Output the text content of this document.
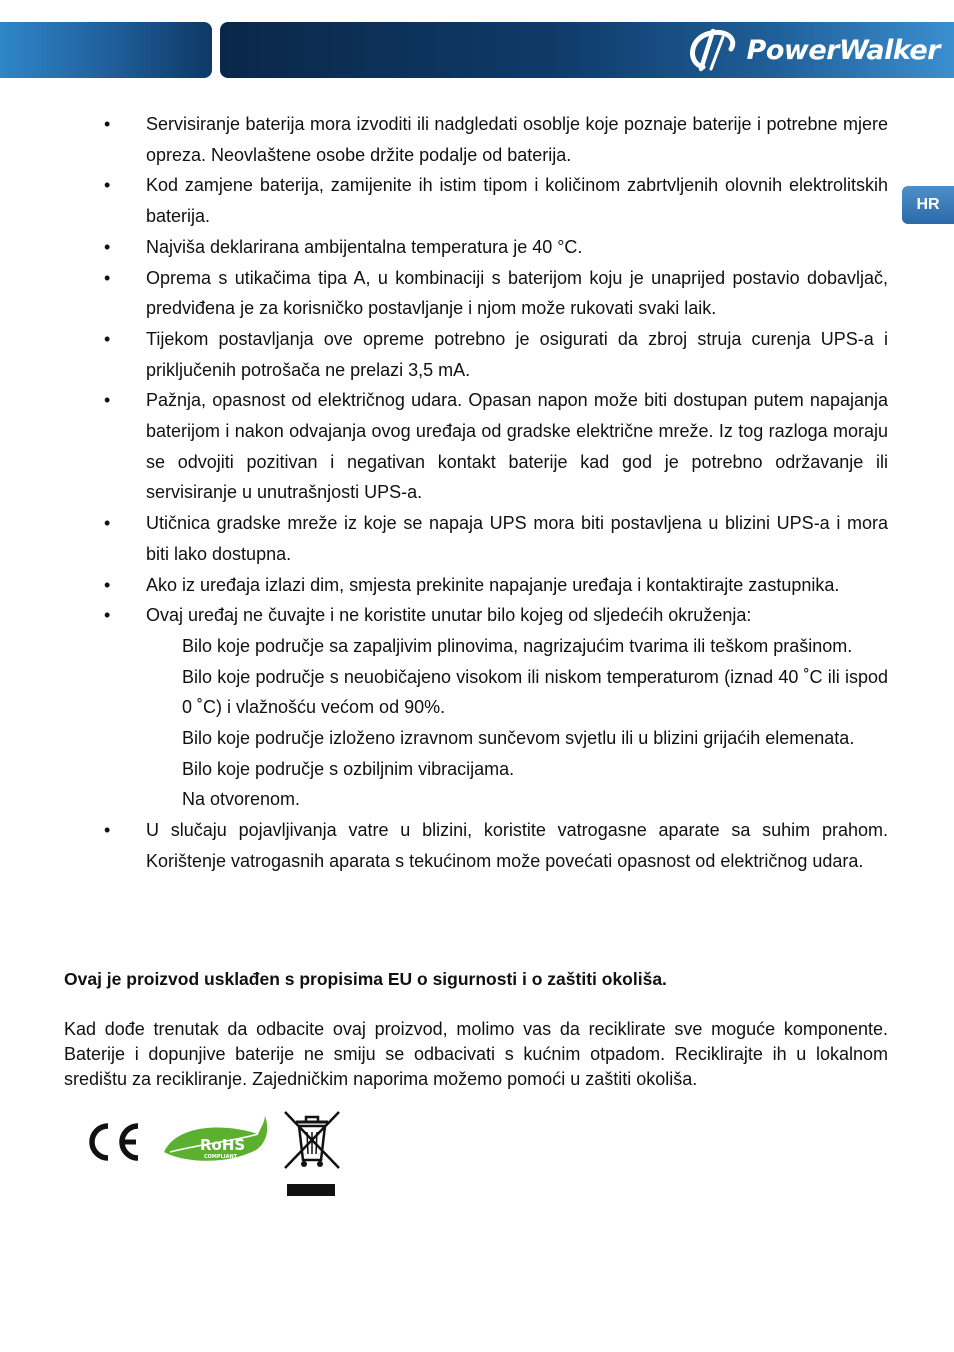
PowerWalker
HR
• Servisiranje baterija mora izvoditi ili nadgledati osoblje koje poznaje baterije i potrebne mjere opreza. Neovlaštene osobe držite podalje od baterija.
• Kod zamjene baterija, zamijenite ih istim tipom i količinom zabrtvljenih olovnih elektrolitskih baterija.
• Najviša deklarirana ambijentalna temperatura je 40 °C.
• Oprema s utikačima tipa A, u kombinaciji s baterijom koju je unaprijed postavio dobavljač, predviđena je za korisničko postavljanje i njom može rukovati svaki laik.
• Tijekom postavljanja ove opreme potrebno je osigurati da zbroj struja curenja UPS-a i priključenih potrošača ne prelazi 3,5 mA.
• Pažnja, opasnost od električnog udara. Opasan napon može biti dostupan putem napajanja baterijom i nakon odvajanja ovog uređaja od gradske električne mreže. Iz tog razloga moraju se odvojiti pozitivan i negativan kontakt baterije kad god je potrebno održavanje ili servisiranje u unutrašnjosti UPS-a.
• Utičnica gradske mreže iz koje se napaja UPS mora biti postavljena u blizini UPS-a i mora biti lako dostupna.
• Ako iz uređaja izlazi dim, smjesta prekinite napajanje uređaja i kontaktirajte zastupnika.
• Ovaj uređaj ne čuvajte i ne koristite unutar bilo kojeg od sljedećih okruženja:
Bilo koje područje sa zapaljivim plinovima, nagrizajućim tvarima ili teškom prašinom.
Bilo koje područje s neuobičajeno visokom ili niskom temperaturom (iznad 40 ˚C ili ispod 0 ˚C) i vlažnošću većom od 90%.
Bilo koje područje izloženo izravnom sunčevom svjetlu ili u blizini grijaćih elemenata.
Bilo koje područje s ozbiljnim vibracijama.
Na otvorenom.
• U slučaju pojavljivanja vatre u blizini, koristite vatrogasne aparate sa suhim prahom. Korištenje vatrogasnih aparata s tekućinom može povećati opasnost od električnog udara.

Ovaj je proizvod usklađen s propisima EU o sigurnosti i o zaštiti okoliša.

Kad dođe trenutak da odbacite ovaj proizvod, molimo vas da reciklirate sve moguće komponente. Baterije i dopunjive baterije ne smiju se odbacivati s kućnim otpadom. Reciklirajte ih u lokalnom središtu za recikliranje. Zajedničkim naporima možemo pomoći u zaštiti okoliša.

RoHS
COMPLIANT
